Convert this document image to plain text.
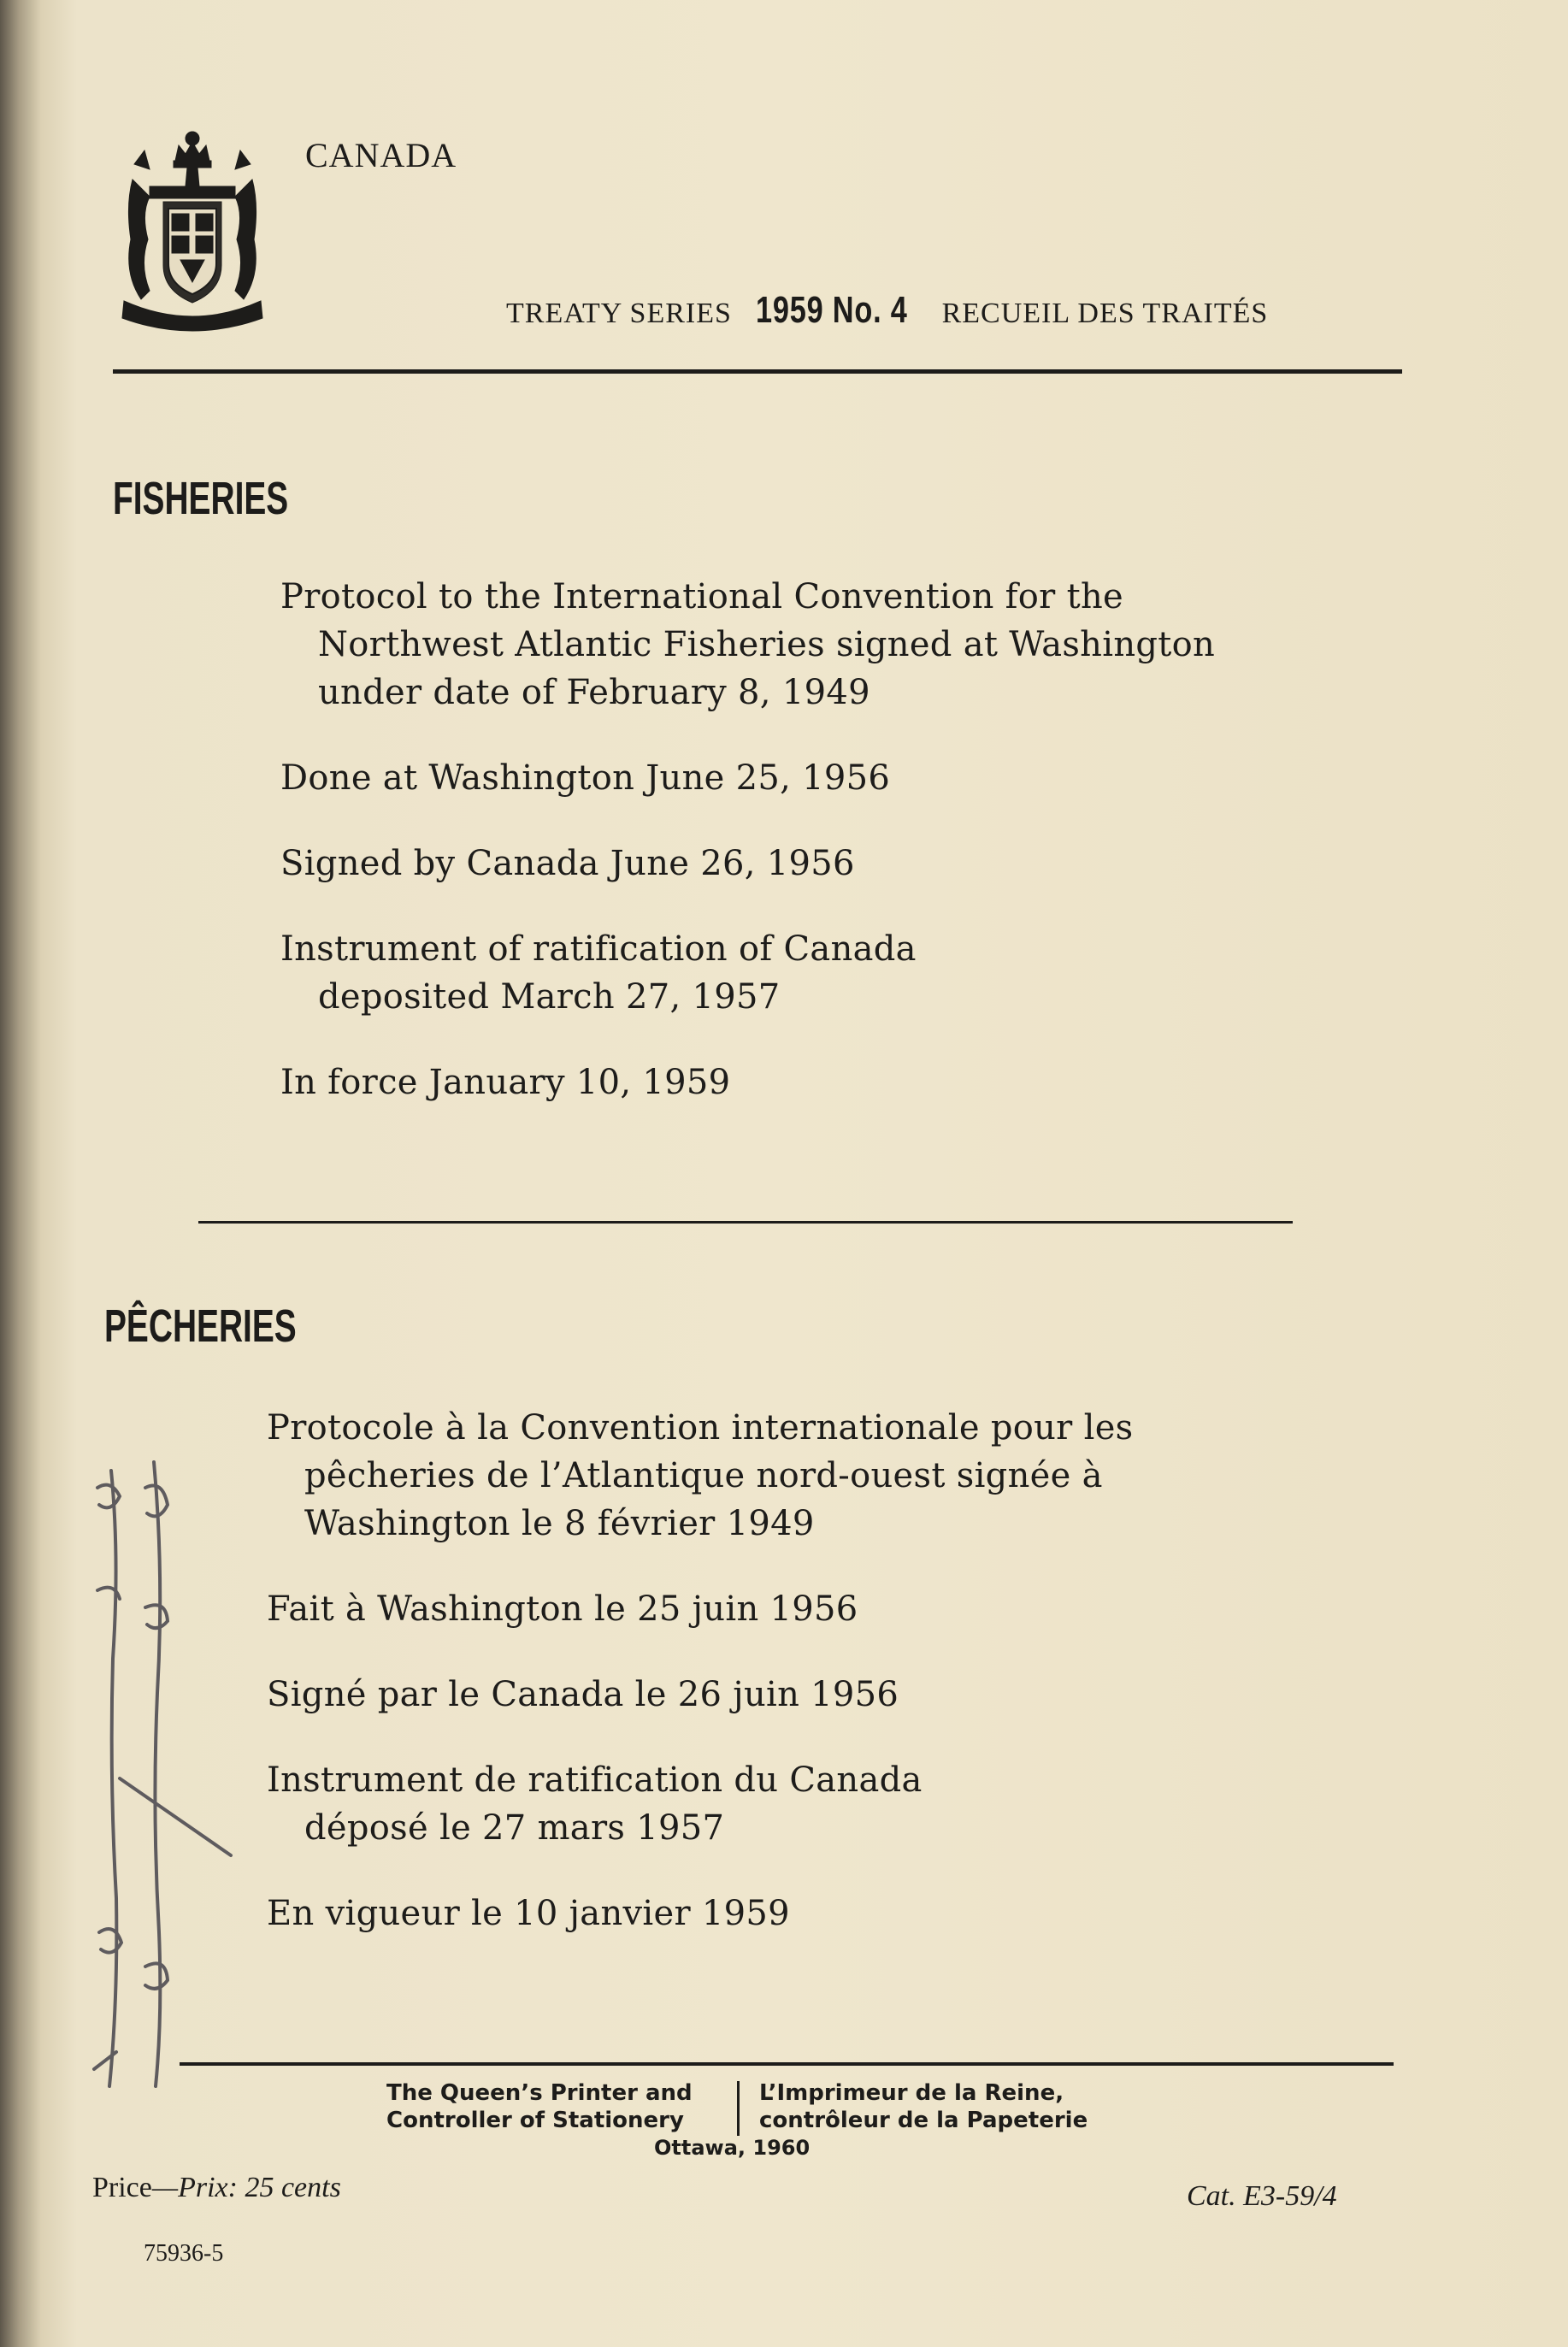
CANADA
TREATY SERIES 1959 No. 4 RECUEIL DES TRAITÉS
FISHERIES
Protocol to the International Convention for the
Northwest Atlantic Fisheries signed at Washington
under date of February 8, 1949
Done at Washington June 25, 1956
Signed by Canada June 26, 1956
Instrument of ratification of Canada
deposited March 27, 1957
In force January 10, 1959
PÊCHERIES
Protocole à la Convention internationale pour les
pêcheries de l’Atlantique nord-ouest signée à
Washington le 8 février 1949
Fait à Washington le 25 juin 1956
Signé par le Canada le 26 juin 1956
Instrument de ratification du Canada
déposé le 27 mars 1957
En vigueur le 10 janvier 1959
The Queen’s Printer and
Controller of Stationery
L’Imprimeur de la Reine,
contrôleur de la Papeterie
Ottawa, 1960
Price—Prix: 25 cents	Cat. E3-59/4
75936-5
